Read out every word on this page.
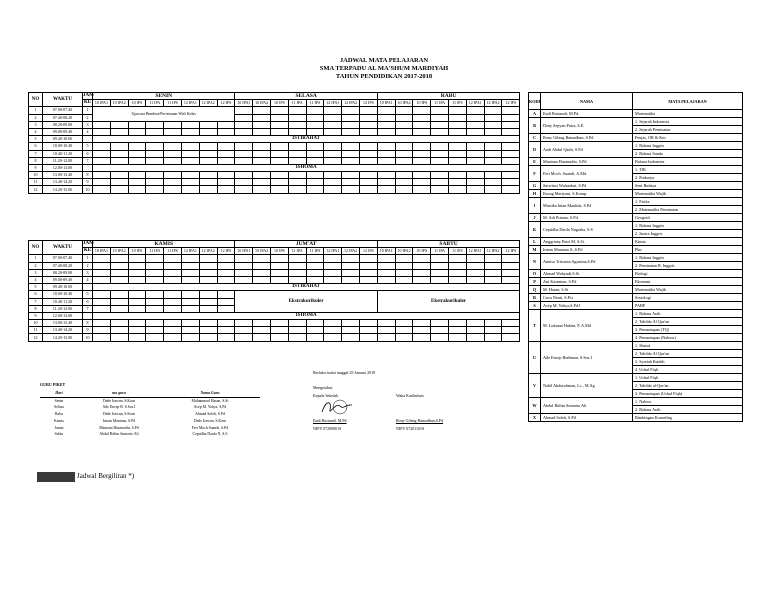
JADWAL MATA PELAJARAN
SMA TERPADU AL MA'SHUM MARDIYAH
TAHUN PENDIDIKAN 2017-2018
NO	WAKTU	JAM	SENIN								SELASA								RABU							
		KE	10 IPA1	10 IPA2	10 IPS	11 IPA	11 IPS	12 IPA1	12 IPA2	12 IPS	10 IPA1	10 IPA2	10 IPS	11 IPA	11 IPS	12 IPA1	12 IPA2	12 IPS	10 IPA1	10 IPA2	10 IPS	11 IPA	11 IPS	12 IPA1	12 IPA2	12 IPS
1	07.00-07.40	1	Upacara Bendera/Pertemuan Wali Kelas																							
2	07.40-08.20	2																								
3	08.20-09.00	3																								
4	09.00-09.40	4																								
5	09.40-10.00		ISTIRAHAT																							
6	10.00-10.40	5																								
7	10.40-11.20	6																								
8	11.20-12.00	7																								
9	12.00-13.00		ISHOMA																							
10	13.00-13.40	8																								
11	13.40-14.20	9																								
12	14.20-15.00	10																								
NO	WAKTU	JAM	KAMIS								JUM'AT								SABTU							
		KE	10 IPA1	10 IPA2	10 IPS	11 IPA	11 IPS	12 IPA1	12 IPA2	12 IPS	10 IPA1	10 IPA2	10 IPS	11 IPA	11 IPS	12 IPA1	12 IPA2	12 IPS	10 IPA1	10 IPA2	10 IPS	11 IPA	11 IPS	12 IPA1	12 IPA2	12 IPS
1	07.00-07.40	1																								
2	07.40-08.20	2																								
3	08.20-09.00	3																								
4	09.00-09.40	4																								
5	09.40-10.00		ISTIRAHAT																							
6	10.00-10.40	5									Ekstrakurikuler								Ekstrakurikuler							
7	10.40-11.20	6																							
8	11.20-12.00	7																							
9	12.00-13.00		ISHOMA																							
10	13.00-13.40	8																								
11	13.40-14.20	9																								
12	14.20-15.00	10																								
KODE	NAMA	MATA PELAJARAN
A	Endi Rustandi, M.Pd.	Matematika
B	Deny Sepyan Putra, S.E.	1. Sejarah Indonesia
		2. Sejarah Peminatan
C	Rony Gilang Ramadhan, S.Pd	Penjas, OR & Kes
D	Aadi Abdul Qadir, S.Pd	1. Bahasa Inggris
		2. Bahasa Sunda
E	Maniana Hasanudin, S.Pd	Bahasa Indonesia
F	Feri Moch. Suandi, A.Md.	1. TIK
		2. Prakarya
G	Sarwinci Wulandari, S.Pd	Seni Budaya
H	Encng Mariyani, S.Komp.	Matematika Wajib
I	Mustika Intan Maulida, S.Pd	1. Fisika
		2. Matematika Peminatan
J	M. Adi Pratma, S.Pd.	Geografi
K	Cepridha Darda Nugraha, S.S	1. Bahasa Inggris
		2. Sastra Inggris
L	Anggriany Putri M, S.Si.	Kimia
M	Irman Maniana A.,S.Pd	Pkn
N	Annisa Trisiania Agustina,S.Pd	1. Bahasa Inggris
		2. Peminatan B. Inggris
O	Ahmad Wahyudi,S.Si	Biologi
P	Ani Kasminar, S.Pd	Ekonomi
Q	M. Hasan, S.Si	Matematika Wajib
R	Cucu Nenti, S.Psi	Sosiologi
S	Acep M. Yahya,S.Pd.I	PABP
T	M. Lukman Hakim, P. A.Md	1. Bahasa Arab
		2. Tahfidz Al Qur'an
		3. Pemantapan (TQ)
		4. Pemantapan (Nahwu)
U	Ade Encep Budiman, S.Sos.I	1. Sharaf
		2. Tahfidz Al Qur'an
		3. Syariah Ibadah
		4. Ushul Fiqh
V	Nabil Abdurohman, Lc., M.Ag	1. Ushul Fiqh
		2. Tahfidz al-Qur'an
		3. Pemantapan (Ushul Fiqh)
W	Abdul Halim Sumarto Ali	1. Nahwu
		2. Bahasa Arab
X	Ahmad Soleh, S.Pd	Bimbingan Konseling
GURU PIKET
Hari	ma guru	Nama Guru
Senin	Dede Irawan, S.Kom	Muhammad Hasan, S.Si
Selasa	Ade Encep B. S.Sos.I	Acep M. Yahya, S.Pd
Rabu	Dede Irawan, S.Kom	Ahmad Soleh, S.Pd
Kamis	Irman Maniana, S.Pd	Dede Irawan, S.Kom
Jumat	Maniana Hasanudin, S.Pd	Feri Moch Suandi, S.Pd
Sabtu	Abdul Halim Sumarto Ali	Cepridha Darda N, S.S
Berlaku mulai tanggal 29 Januari 2018
Mengetahui,
Kepala Sekolah
Endi Rustandi, M.Pd
NIPY 07200901S
Waka Kurikulum
Rony Gilang Ramadhan,S.Pd
NIPY 07201101S
Jadwal Bergiliran *)
